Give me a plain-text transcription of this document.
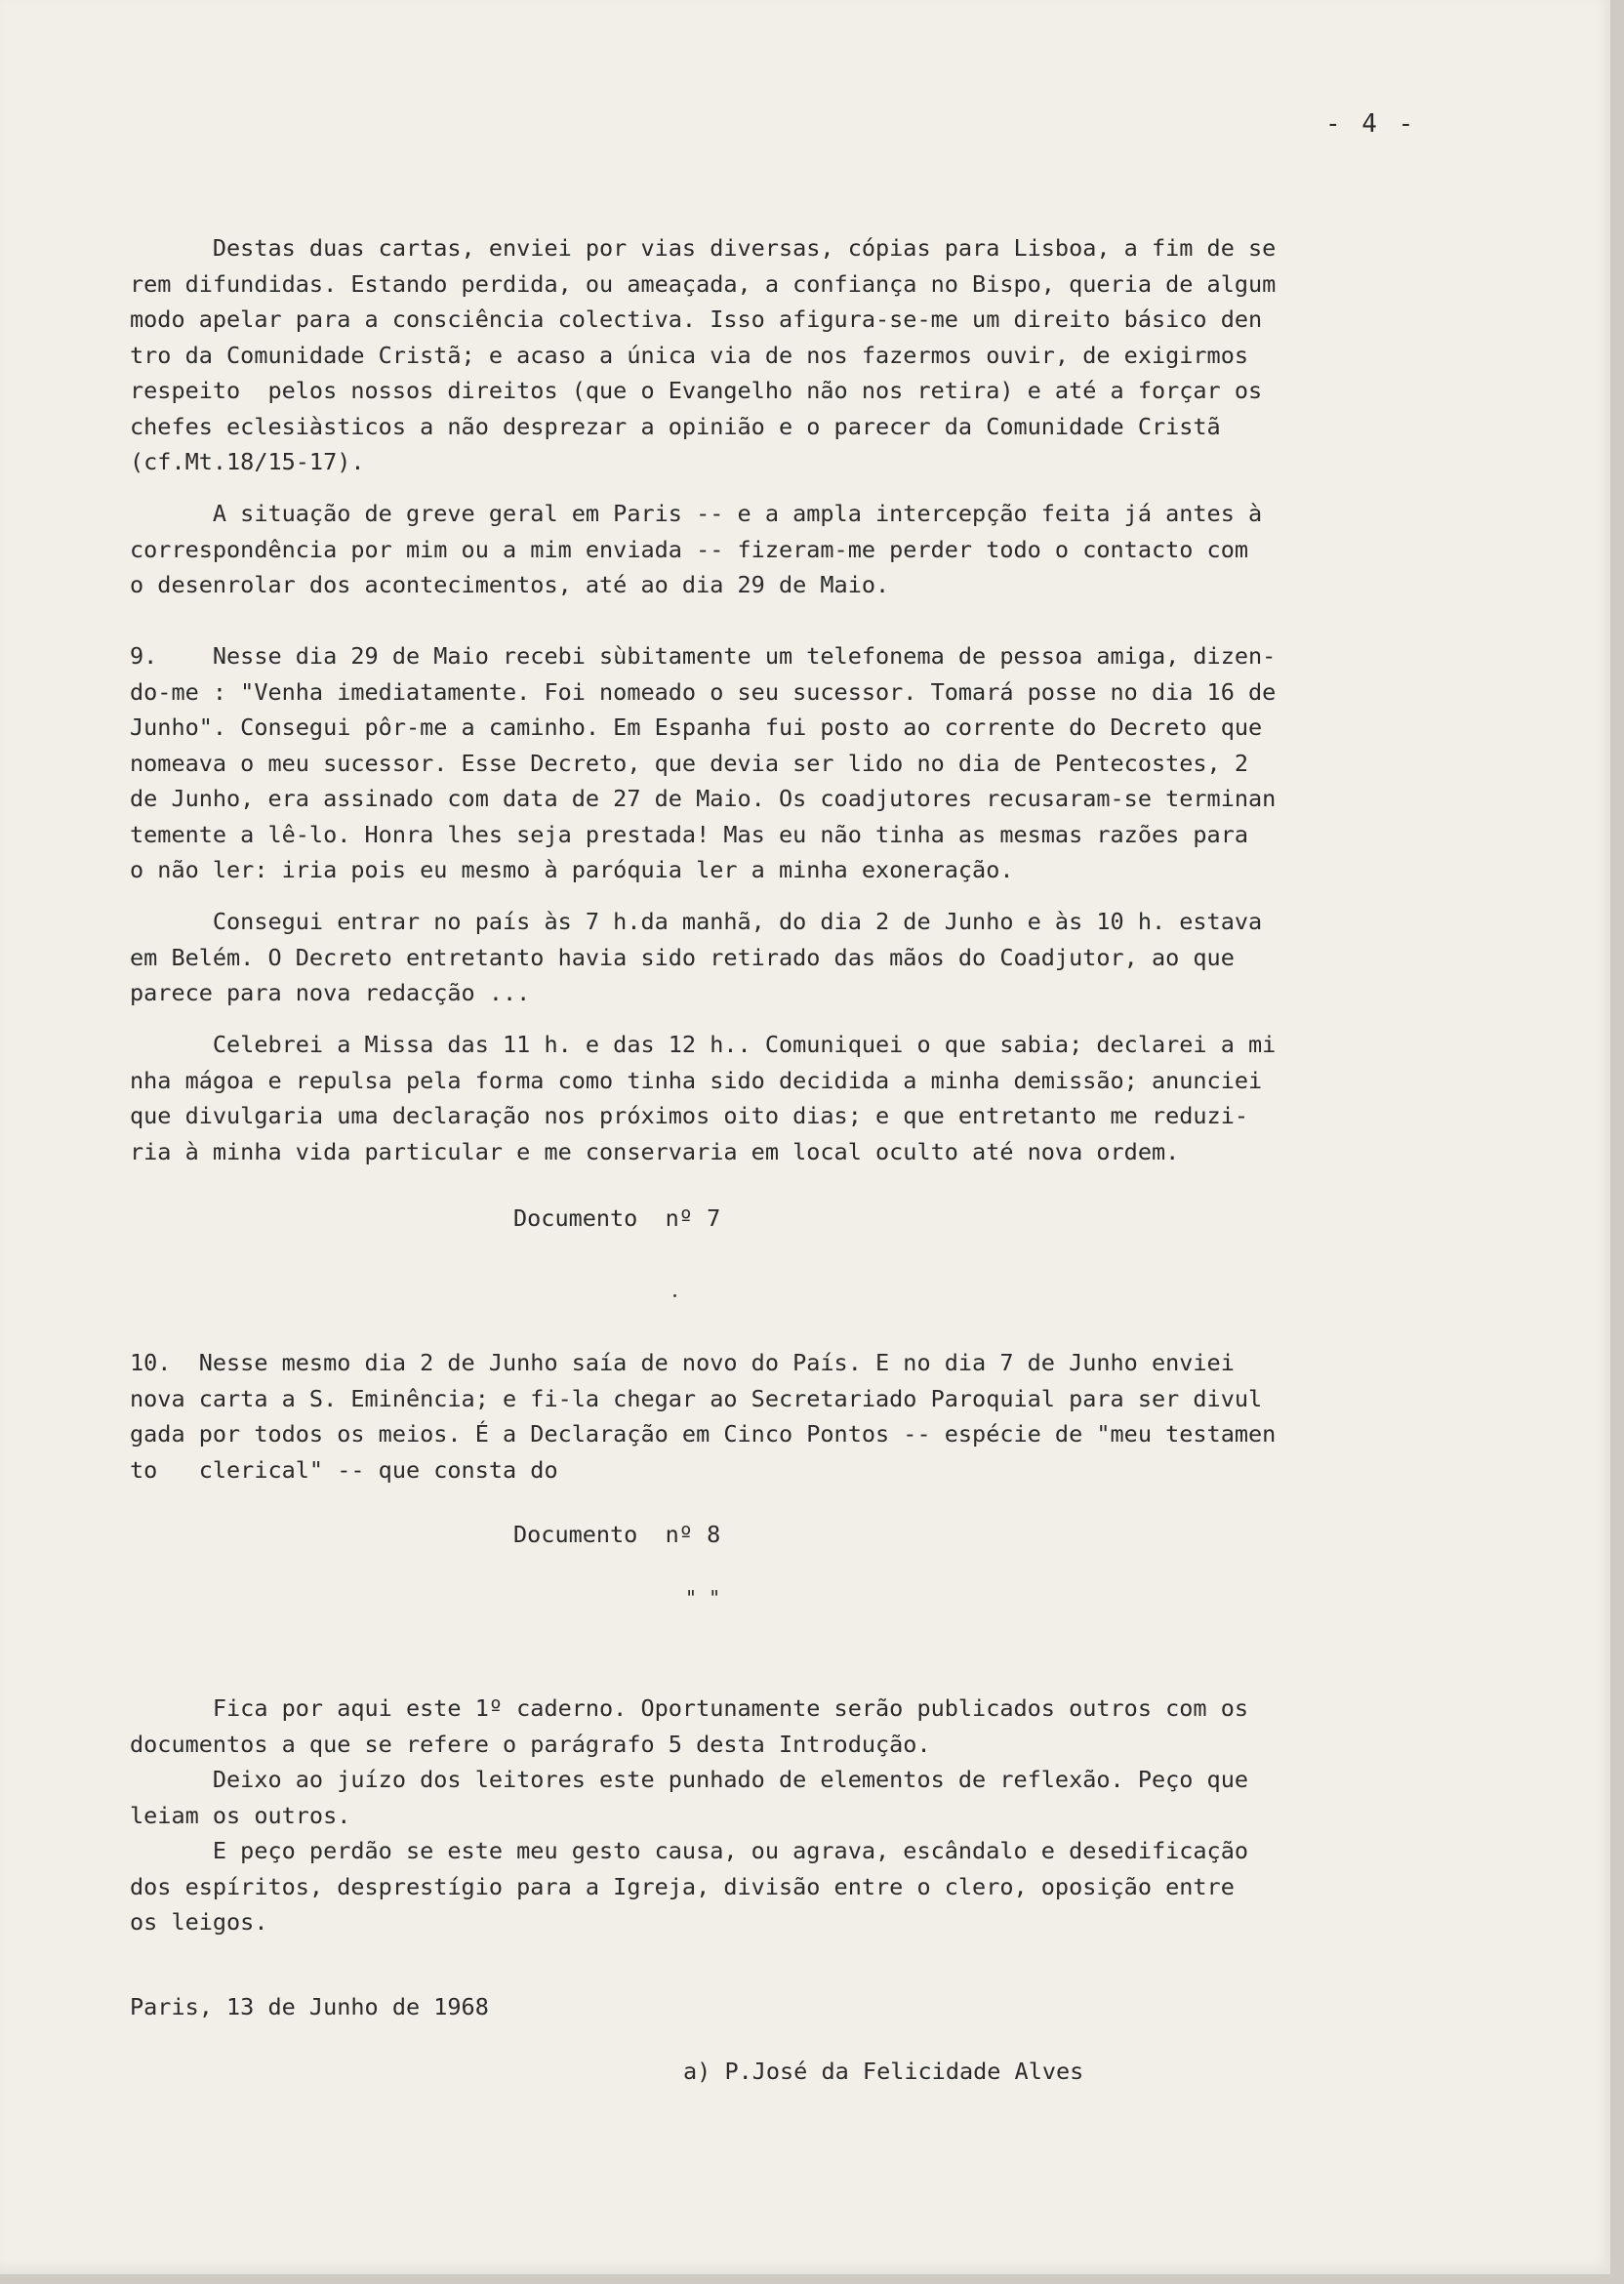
- 4 -
Destas duas cartas, enviei por vias diversas, cópias para Lisboa, a fim de se
rem difundidas. Estando perdida, ou ameaçada, a confiança no Bispo, queria de algum
modo apelar para a consciência colectiva. Isso afigura-se-me um direito básico den
tro da Comunidade Cristã; e acaso a única via de nos fazermos ouvir, de exigirmos
respeito  pelos nossos direitos (que o Evangelho não nos retira) e até a forçar os
chefes eclesiàsticos a não desprezar a opinião e o parecer da Comunidade Cristã
(cf.Mt.18/15-17).
A situação de greve geral em Paris -- e a ampla intercepção feita já antes à
correspondência por mim ou a mim enviada -- fizeram-me perder todo o contacto com
o desenrolar dos acontecimentos, até ao dia 29 de Maio.
9.    Nesse dia 29 de Maio recebi sùbitamente um telefonema de pessoa amiga, dizen-
do-me : "Venha imediatamente. Foi nomeado o seu sucessor. Tomará posse no dia 16 de
Junho". Consegui pôr-me a caminho. Em Espanha fui posto ao corrente do Decreto que
nomeava o meu sucessor. Esse Decreto, que devia ser lido no dia de Pentecostes, 2
de Junho, era assinado com data de 27 de Maio. Os coadjutores recusaram-se terminan
temente a lê-lo. Honra lhes seja prestada! Mas eu não tinha as mesmas razões para
o não ler: iria pois eu mesmo à paróquia ler a minha exoneração.
Consegui entrar no país às 7 h.da manhã, do dia 2 de Junho e às 10 h. estava
em Belém. O Decreto entretanto havia sido retirado das mãos do Coadjutor, ao que
parece para nova redacção ...
Celebrei a Missa das 11 h. e das 12 h.. Comuniquei o que sabia; declarei a mi
nha mágoa e repulsa pela forma como tinha sido decidida a minha demissão; anunciei
que divulgaria uma declaração nos próximos oito dias; e que entretanto me reduzi-
ria à minha vida particular e me conservaria em local oculto até nova ordem.
Documento  nº 7
10.  Nesse mesmo dia 2 de Junho saía de novo do País. E no dia 7 de Junho enviei
nova carta a S. Eminência; e fi-la chegar ao Secretariado Paroquial para ser divul
gada por todos os meios. É a Declaração em Cinco Pontos -- espécie de "meu testamen
to   clerical" -- que consta do
Documento  nº 8
" "
Fica por aqui este 1º caderno. Oportunamente serão publicados outros com os
documentos a que se refere o parágrafo 5 desta Introdução.
Deixo ao juízo dos leitores este punhado de elementos de reflexão. Peço que
leiam os outros.
E peço perdão se este meu gesto causa, ou agrava, escândalo e desedificação
dos espíritos, desprestígio para a Igreja, divisão entre o clero, oposição entre
os leigos.
Paris, 13 de Junho de 1968
a) P.José da Felicidade Alves
